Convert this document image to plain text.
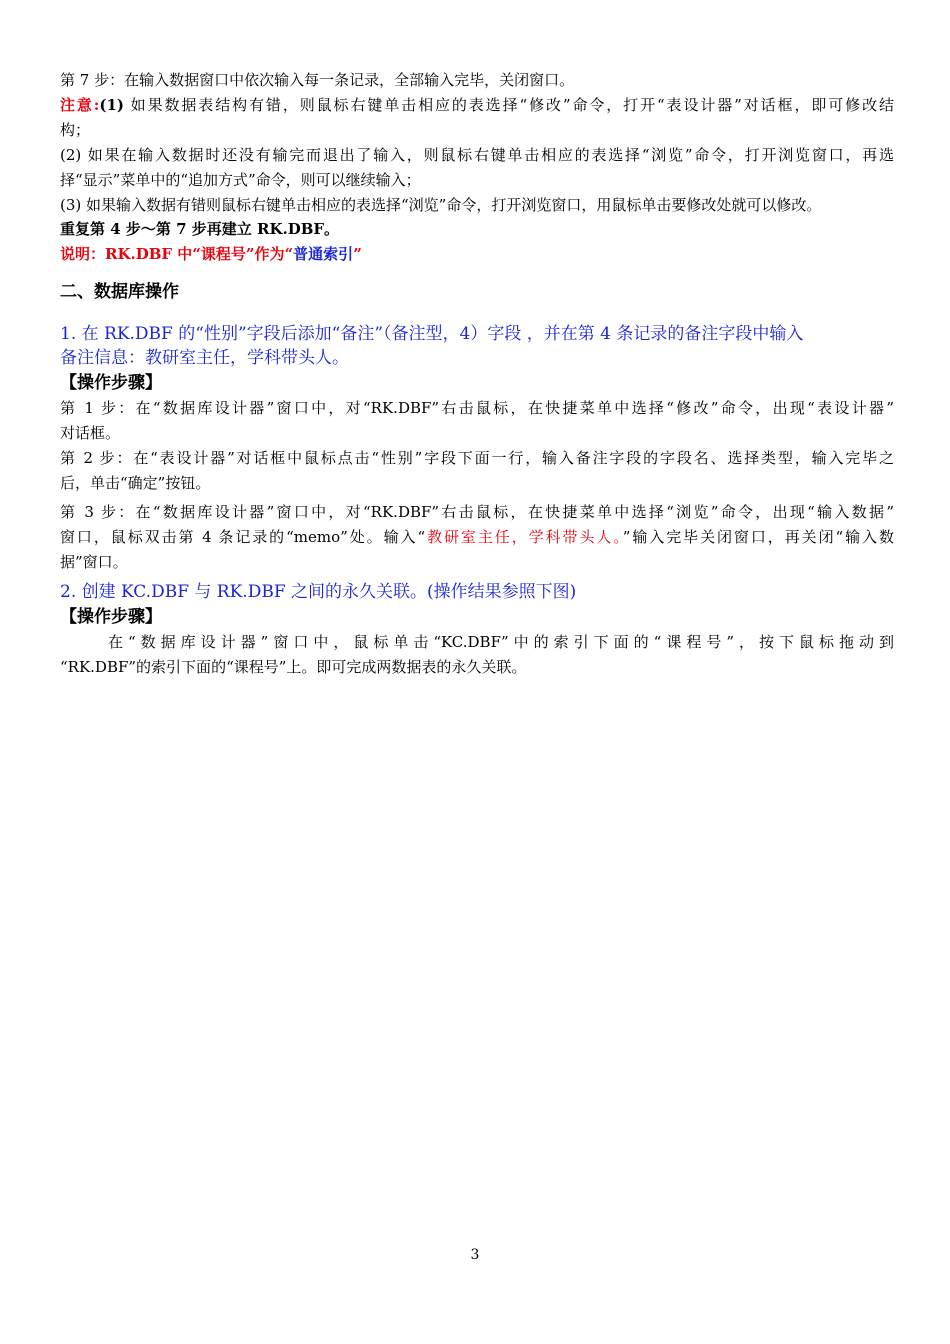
第 7 步：在输入数据窗口中依次输入每一条记录，全部输入完毕，关闭窗口。
注意:(1) 如果数据表结构有错，则鼠标右键单击相应的表选择“修改”命令，打开“表设计器”对话框，即可修改结
构；
(2) 如果在输入数据时还没有输完而退出了输入，则鼠标右键单击相应的表选择“浏览”命令，打开浏览窗口，再选
择“显示”菜单中的“追加方式”命令，则可以继续输入；
(3) 如果输入数据有错则鼠标右键单击相应的表选择“浏览”命令，打开浏览窗口，用鼠标单击要修改处就可以修改。
重复第 4 步～第 7 步再建立 RK.DBF。
说明：RK.DBF 中“课程号”作为“普通索引”
二、数据库操作
1. 在 RK.DBF 的“性别”字段后添加“备注”（备注型，4）字段 ，并在第 4 条记录的备注字段中输入
备注信息：教研室主任，学科带头人。
【操作步骤】
第 1 步：在“数据库设计器”窗口中，对“RK.DBF”右击鼠标，在快捷菜单中选择“修改”命令，出现“表设计器”
对话框。
第 2 步：在“表设计器”对话框中鼠标点击“性别”字段下面一行，输入备注字段的字段名、选择类型，输入完毕之
后，单击“确定”按钮。
第 3 步：在“数据库设计器”窗口中，对“RK.DBF”右击鼠标，在快捷菜单中选择“浏览”命令，出现“输入数据”
窗口，鼠标双击第 4 条记录的“memo”处。输入“教研室主任，学科带头人。”输入完毕关闭窗口，再关闭“输入数
据”窗口。
2. 创建 KC.DBF 与 RK.DBF 之间的永久关联。(操作结果参照下图)
【操作步骤】
在“数据库设计器”窗口中，鼠标单击“KC.DBF”中的索引下面的“课程号”，按下鼠标拖动到
“RK.DBF”的索引下面的“课程号”上。即可完成两数据表的永久关联。
3
